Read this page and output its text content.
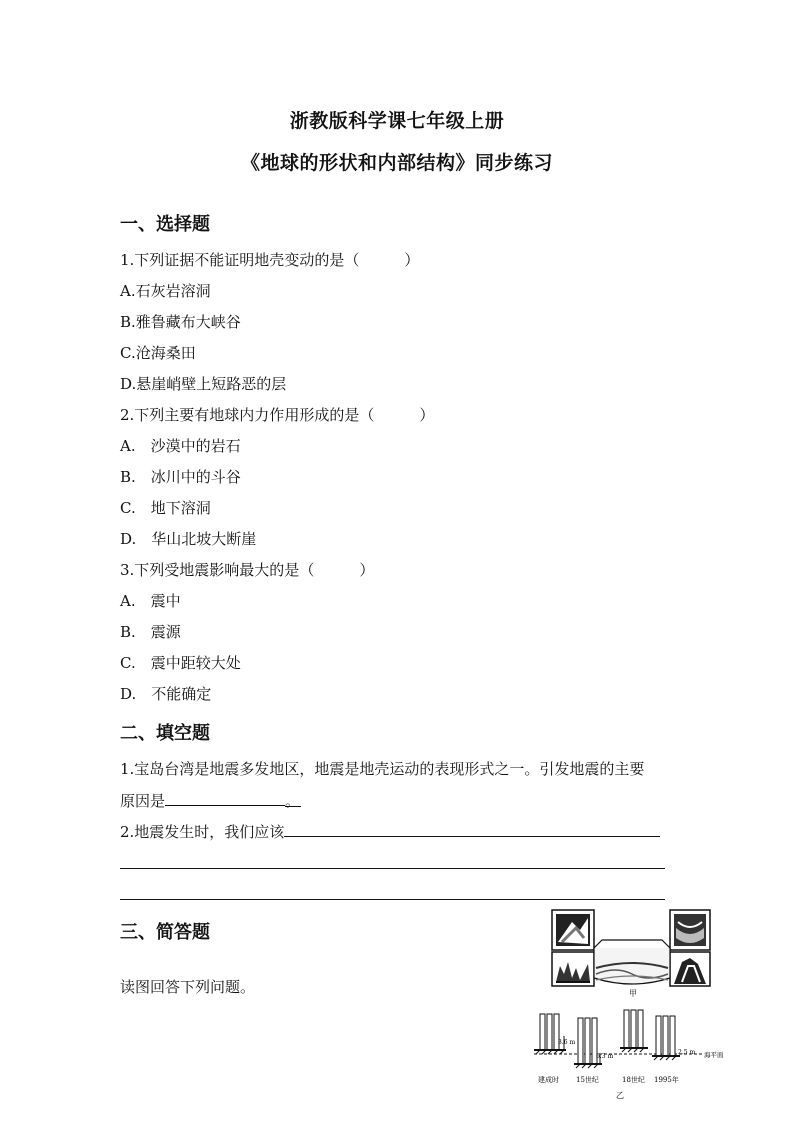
浙教版科学课七年级上册
《地球的形状和内部结构》同步练习
一、选择题
1.下列证据不能证明地壳变动的是（　　　）
A.石灰岩溶洞
B.雅鲁藏布大峡谷
C.沧海桑田
D.悬崖峭壁上短路恶的层
2.下列主要有地球内力作用形成的是（　　　）
A.　沙漠中的岩石
B.　冰川中的斗谷
C.　地下溶洞
D.　华山北坡大断崖
3.下列受地震影响最大的是（　　　）
A.　震中
B.　震源
C.　震中距较大处
D.　不能确定
二、填空题
1.宝岛台湾是地震多发地区，地震是地壳运动的表现形式之一。引发地震的主要
原因是	。
2.地震发生时，我们应该
三、简答题
读图回答下列问题。	甲
海平面
3.6 m
6.3 m
2.5 m
建成时 15世纪	18世纪 1995年
乙
